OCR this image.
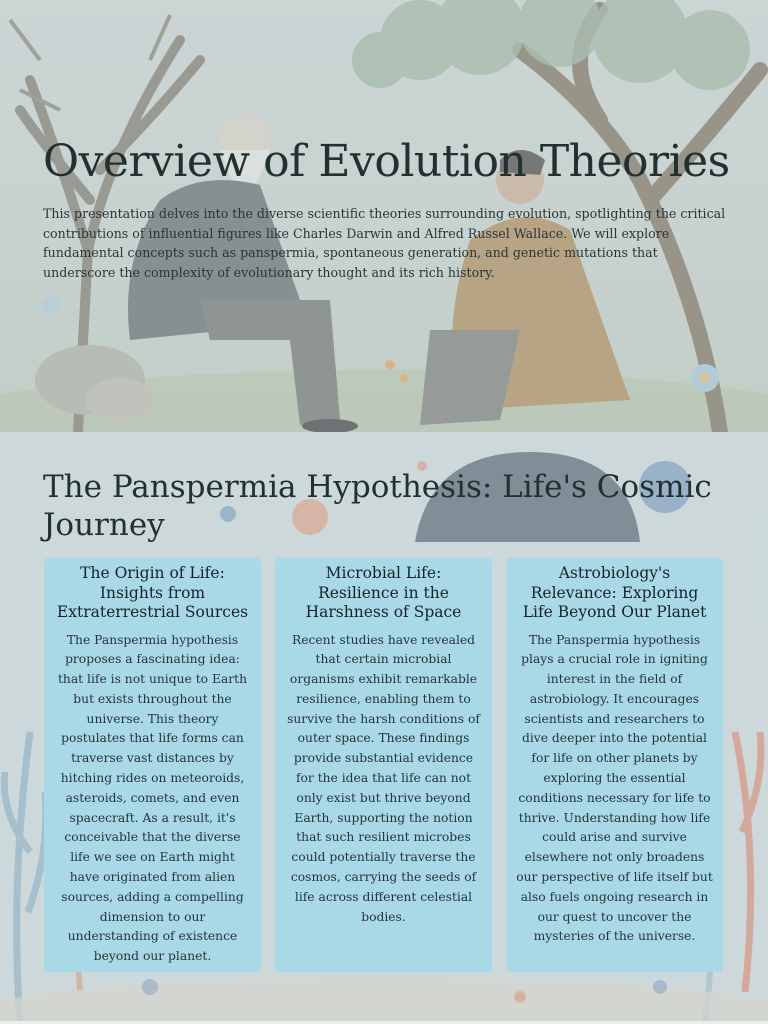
Overview of Evolution Theories

This presentation delves into the diverse scientific theories surrounding evolution, spotlighting the critical contributions of influential figures like Charles Darwin and Alfred Russel Wallace. We will explore fundamental concepts such as panspermia, spontaneous generation, and genetic mutations that underscore the complexity of evolutionary thought and its rich history.

The Panspermia Hypothesis: Life's Cosmic Journey
The Origin of Life: Insights from Extraterrestrial Sources

The Panspermia hypothesis proposes a fascinating idea: that life is not unique to Earth but exists throughout the universe. This theory postulates that life forms can traverse vast distances by hitching rides on meteoroids, asteroids, comets, and even spacecraft. As a result, it's conceivable that the diverse life we see on Earth might have originated from alien sources, adding a compelling dimension to our understanding of existence beyond our planet.

Microbial Life: Resilience in the Harshness of Space

Recent studies have revealed that certain microbial organisms exhibit remarkable resilience, enabling them to survive the harsh conditions of outer space. These findings provide substantial evidence for the idea that life can not only exist but thrive beyond Earth, supporting the notion that such resilient microbes could potentially traverse the cosmos, carrying the seeds of life across different celestial bodies.

Astrobiology's Relevance: Exploring Life Beyond Our Planet

The Panspermia hypothesis plays a crucial role in igniting interest in the field of astrobiology. It encourages scientists and researchers to dive deeper into the potential for life on other planets by exploring the essential conditions necessary for life to thrive. Understanding how life could arise and survive elsewhere not only broadens our perspective of life itself but also fuels ongoing research in our quest to uncover the mysteries of the universe.
